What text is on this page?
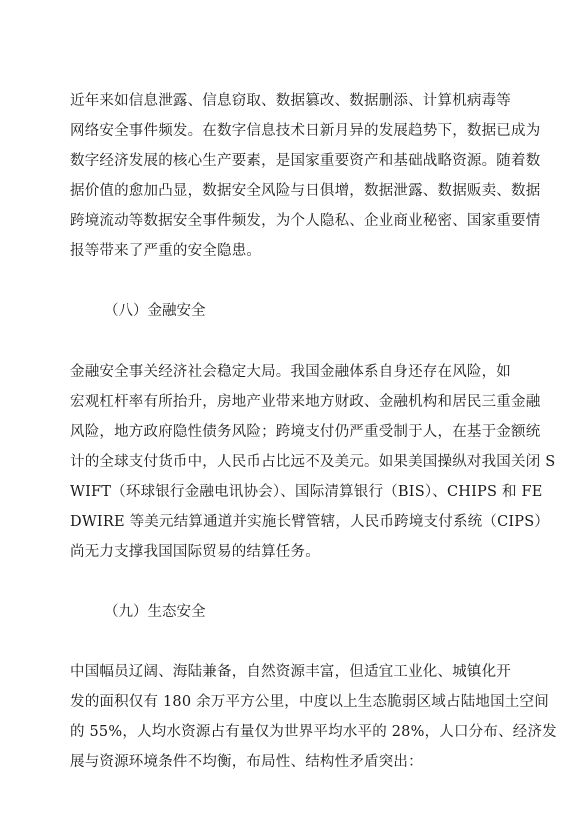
近年来如信息泄露、信息窃取、数据篡改、数据删添、计算机病毒等
网络安全事件频发。在数字信息技术日新月异的发展趋势下，数据已成为
数字经济发展的核心生产要素，是国家重要资产和基础战略资源。随着数
据价值的愈加凸显，数据安全风险与日俱增，数据泄露、数据贩卖、数据
跨境流动等数据安全事件频发，为个人隐私、企业商业秘密、国家重要情
报等带来了严重的安全隐患。
（八）金融安全
金融安全事关经济社会稳定大局。我国金融体系自身还存在风险，如
宏观杠杆率有所抬升，房地产业带来地方财政、金融机构和居民三重金融
风险，地方政府隐性债务风险；跨境支付仍严重受制于人，在基于金额统
计的全球支付货币中，人民币占比远不及美元。如果美国操纵对我国关闭 S
WIFT（环球银行金融电讯协会）、国际清算银行（BIS）、CHIPS 和 FE
DWIRE 等美元结算通道并实施长臂管辖，人民币跨境支付系统（CIPS）
尚无力支撑我国国际贸易的结算任务。
（九）生态安全
中国幅员辽阔、海陆兼备，自然资源丰富，但适宜工业化、城镇化开
发的面积仅有 180 余万平方公里，中度以上生态脆弱区域占陆地国土空间
的 55%，人均水资源占有量仅为世界平均水平的 28%，人口分布、经济发
展与资源环境条件不均衡，布局性、结构性矛盾突出：
